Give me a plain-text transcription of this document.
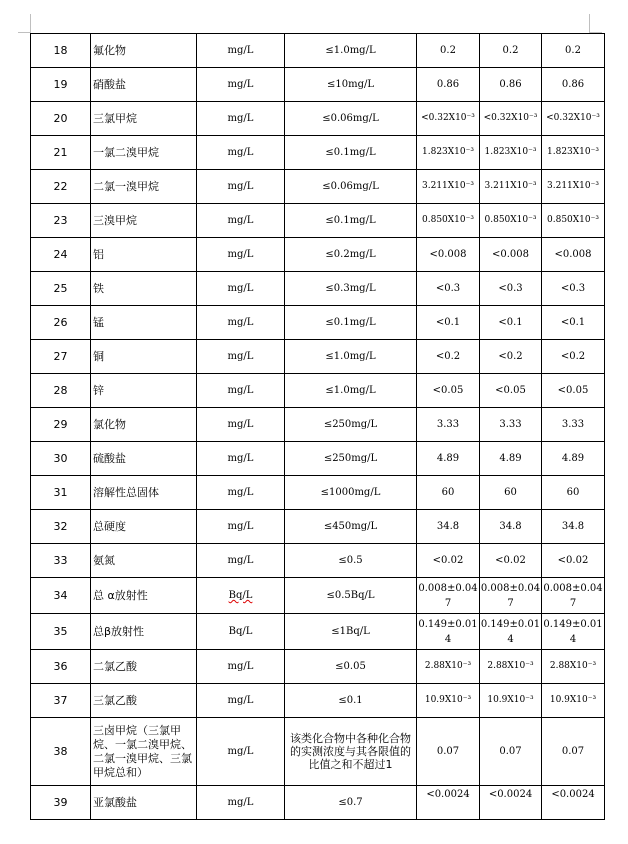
18	氟化物	mg/L	≤1.0mg/L	0.2	0.2	0.2
19	硝酸盐	mg/L	≤10mg/L	0.86	0.86	0.86
20	三氯甲烷	mg/L	≤0.06mg/L	<0.32X10⁻³	<0.32X10⁻³	<0.32X10⁻³
21	一氯二溴甲烷	mg/L	≤0.1mg/L	1.823X10⁻³	1.823X10⁻³	1.823X10⁻³
22	二氯一溴甲烷	mg/L	≤0.06mg/L	3.211X10⁻³	3.211X10⁻³	3.211X10⁻³
23	三溴甲烷	mg/L	≤0.1mg/L	0.850X10⁻³	0.850X10⁻³	0.850X10⁻³
24	铝	mg/L	≤0.2mg/L	<0.008	<0.008	<0.008
25	铁	mg/L	≤0.3mg/L	<0.3	<0.3	<0.3
26	锰	mg/L	≤0.1mg/L	<0.1	<0.1	<0.1
27	铜	mg/L	≤1.0mg/L	<0.2	<0.2	<0.2
28	锌	mg/L	≤1.0mg/L	<0.05	<0.05	<0.05
29	氯化物	mg/L	≤250mg/L	3.33	3.33	3.33
30	硫酸盐	mg/L	≤250mg/L	4.89	4.89	4.89
31	溶解性总固体	mg/L	≤1000mg/L	60	60	60
32	总硬度	mg/L	≤450mg/L	34.8	34.8	34.8
33	氨氮	mg/L	≤0.5	<0.02	<0.02	<0.02
34	总 α放射性	Bq/L	≤0.5Bq/L	0.008±0.047	0.008±0.047	0.008±0.047
35	总β放射性	Bq/L	≤1Bq/L	0.149±0.014	0.149±0.014	0.149±0.014
36	二氯乙酸	mg/L	≤0.05	2.88X10⁻³	2.88X10⁻³	2.88X10⁻³
37	三氯乙酸	mg/L	≤0.1	10.9X10⁻³	10.9X10⁻³	10.9X10⁻³
38	三卤甲烷（三氯甲烷、一氯二溴甲烷、二氯一溴甲烷、三氯甲烷总和）	mg/L	该类化合物中各种化合物的实测浓度与其各限值的比值之和不超过1	0.07	0.07	0.07
39	亚氯酸盐	mg/L	≤0.7	<0.0024	<0.0024	<0.0024
